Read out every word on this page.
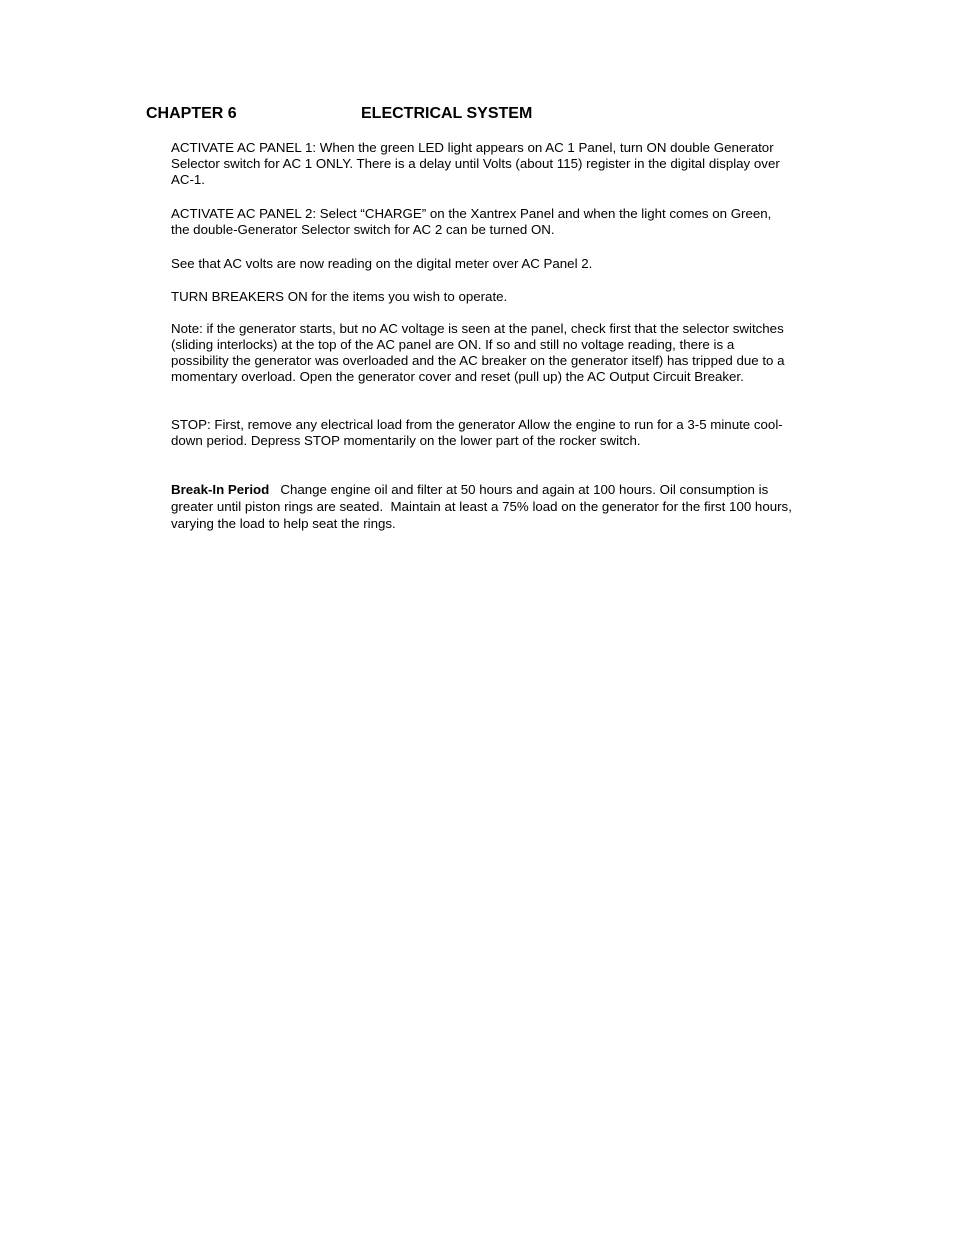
CHAPTER 6	ELECTRICAL SYSTEM

ACTIVATE AC PANEL 1: When the green LED light appears on AC 1 Panel, turn ON double Generator Selector switch for AC 1 ONLY. There is a delay until Volts (about 115) register in the digital display over AC-1.

ACTIVATE AC PANEL 2: Select “CHARGE” on the Xantrex Panel and when the light comes on Green, the double-Generator Selector switch for AC 2 can be turned ON.

See that AC volts are now reading on the digital meter over AC Panel 2.

TURN BREAKERS ON for the items you wish to operate.

Note: if the generator starts, but no AC voltage is seen at the panel, check first that the selector switches (sliding interlocks) at the top of the AC panel are ON. If so and still no voltage reading, there is a possibility the generator was overloaded and the AC breaker on the generator itself) has tripped due to a momentary overload. Open the generator cover and reset (pull up) the AC Output Circuit Breaker.

STOP: First, remove any electrical load from the generator Allow the engine to run for a 3-5 minute cool-down period. Depress STOP momentarily on the lower part of the rocker switch.

Break-In Period   Change engine oil and filter at 50 hours and again at 100 hours. Oil consumption is greater until piston rings are seated.  Maintain at least a 75% load on the generator for the first 100 hours, varying the load to help seat the rings.
